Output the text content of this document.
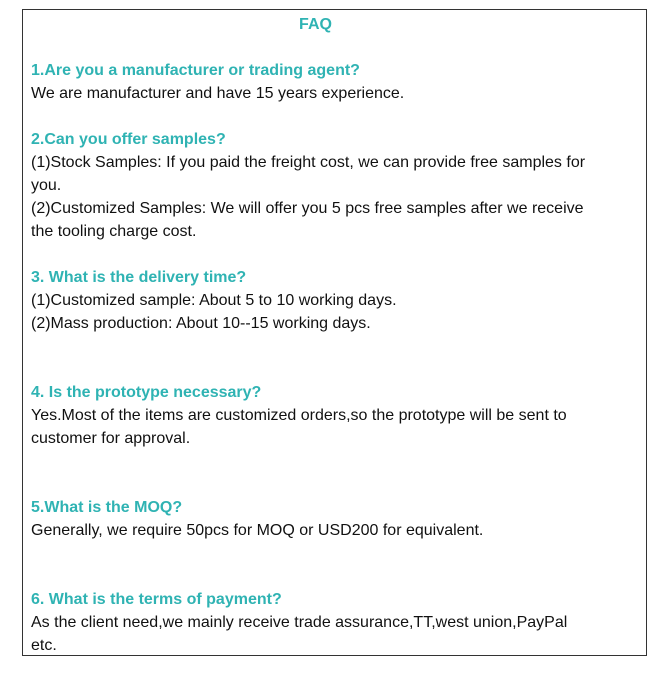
FAQ
1.Are you a manufacturer or trading agent?
We are manufacturer and have 15 years experience.
2.Can you offer samples?
(1)Stock Samples: If you paid the freight cost, we can provide free samples for
you.
(2)Customized Samples: We will offer you 5 pcs free samples after we receive
the tooling charge cost.
3. What is the delivery time?
(1)Customized sample: About 5 to 10 working days.
(2)Mass production: About 10--15 working days.
4. Is the prototype necessary?
Yes.Most of the items are customized orders,so the prototype will be sent to
customer for approval.
5.What is the MOQ?
Generally, we require 50pcs for MOQ or USD200 for equivalent.
6. What is the terms of payment?
As the client need,we mainly receive trade assurance,TT,west union,PayPal
etc.
